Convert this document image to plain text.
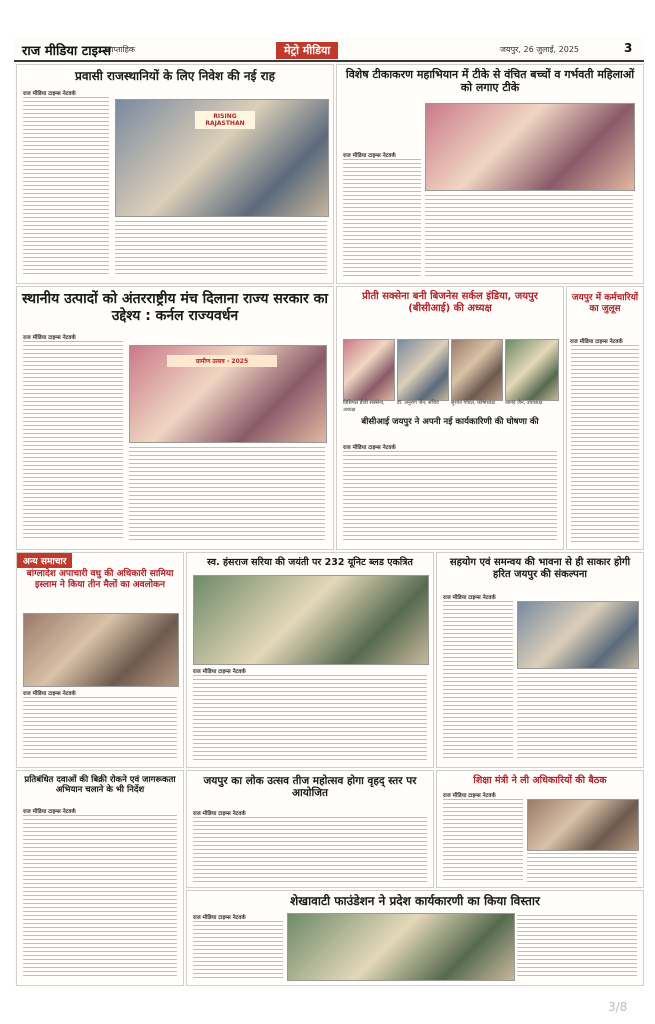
राज मीडिया टाइम्स
साप्ताहिक	मेट्रो मीडिया	जयपुर, 26 जुलाई, 2025	3
प्रवासी राजस्थानियों के लिए निवेश की नई राह
राज मीडिया टाइम्स नेटवर्क
RISING RAJASTHAN
विशेष टीकाकरण महाभियान में टीके से वंचित बच्चों व गर्भवती महिलाओं को लगाए टीके
राज मीडिया टाइम्स नेटवर्क
स्थानीय उत्पादों को अंतरराष्ट्रीय मंच दिलाना राज्य सरकार का उद्देश्य : कर्नल राज्यवर्धन
राज मीडिया टाइम्स नेटवर्क
ग्रामीण उत्सव - 2025
प्रीती सक्सेना बनी बिजनेस सर्कल इंडिया, जयपुर (बीसीआई) की अध्यक्ष
प्रिंसिपल प्रीती सक्सेना, अध्यक्ष
डॉ. अनुराग जैन, सचिव	सुशांत गोयल, कोषाध्यक्ष	आनंद जैन, उपाध्यक्ष
बीसीआई जयपुर ने अपनी नई कार्यकारिणी की घोषणा की
राज मीडिया टाइम्स नेटवर्क
जयपुर में कर्मचारियों का जुलूस
राज मीडिया टाइम्स नेटवर्क
अन्य समाचार
बांग्लादेश अपाचारी वधु की अधिकारी सामिया इस्लाम ने किया तीन मैलों का अवलोकन
राज मीडिया टाइम्स नेटवर्क
स्व. हंसराज सरिया की जयंती पर 232 यूनिट ब्लड एकत्रित
राज मीडिया टाइम्स नेटवर्क
सहयोग एवं समन्वय की भावना से ही साकार होगी हरित जयपुर की संकल्पना
राज मीडिया टाइम्स नेटवर्क
जयपुर का लोक उत्सव तीज महोत्सव होगा वृहद् स्तर पर आयोजित
राज मीडिया टाइम्स नेटवर्क
शिक्षा मंत्री ने ली अधिकारियों की बैठक
राज मीडिया टाइम्स नेटवर्क
प्रतिबंधित दवाओं की बिक्री रोकने एवं जागरूकता अभियान चलाने के भी निर्देश
राज मीडिया टाइम्स नेटवर्क
शेखावाटी फाउंडेशन ने प्रदेश कार्यकारणी का किया विस्तार
राज मीडिया टाइम्स नेटवर्क
3/8
